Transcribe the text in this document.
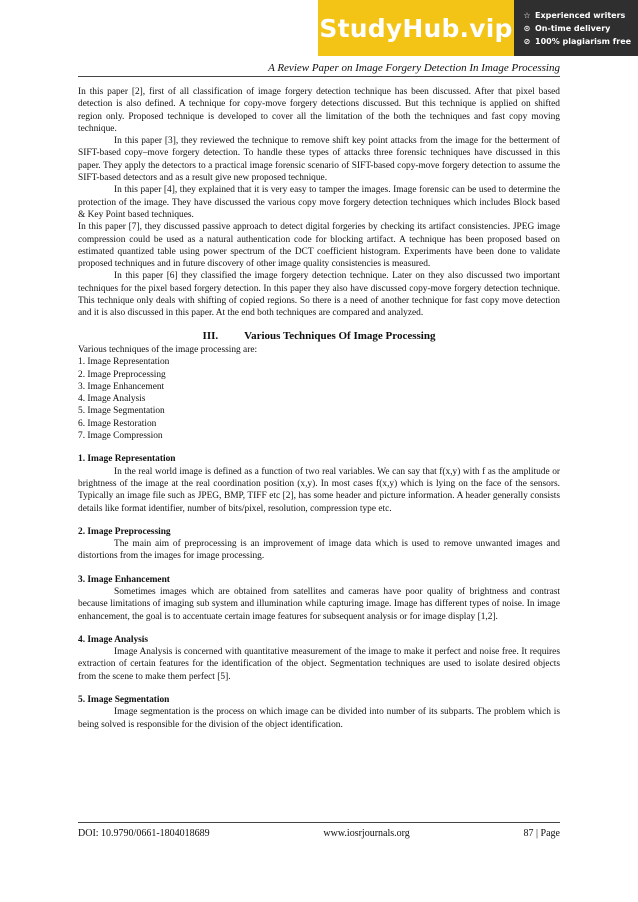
StudyHub.vip ☆ Experienced writers
⊙ On-time delivery
⊘ 100% plagiarism free
A Review Paper on Image Forgery Detection In Image Processing

In this paper [2], first of all classification of image forgery detection technique has been discussed. After that pixel based detection is also defined. A technique for copy-move forgery detections discussed. But this technique is applied on shifted region only. Proposed technique is developed to cover all the limitation of the both the techniques and fast copy moving technique.

In this paper [3], they reviewed the technique to remove shift key point attacks from the image for the betterment of SIFT-based copy–move forgery detection. To handle these types of attacks three forensic techniques have discussed in this paper. They apply the detectors to a practical image forensic scenario of SIFT-based copy-move forgery detection to assume the SIFT-based detectors and as a result give new proposed technique.

In this paper [4], they explained that it is very easy to tamper the images. Image forensic can be used to determine the protection of the image. They have discussed the various copy move forgery detection techniques which includes Block based & Key Point based techniques.

In this paper [7], they discussed passive approach to detect digital forgeries by checking its artifact consistencies. JPEG image compression could be used as a natural authentication code for blocking artifact. A technique has been proposed based on estimated quantized table using power spectrum of the DCT coefficient histogram. Experiments have been done to validate proposed techniques and in future discovery of other image quality consistencies is measured.

In this paper [6] they classified the image forgery detection technique. Later on they also discussed two important techniques for the pixel based forgery detection. In this paper they also have discussed copy-move forgery detection technique. This technique only deals with shifting of copied regions. So there is a need of another technique for fast copy move detection and it is also discussed in this paper. At the end both techniques are compared and analyzed.

III. Various Techniques Of Image Processing

Various techniques of the image processing are:

1. Image Representation
2. Image Preprocessing
3. Image Enhancement
4. Image Analysis
5. Image Segmentation
6. Image Restoration
7. Image Compression
1. Image Representation

In the real world image is defined as a function of two real variables. We can say that f(x,y) with f as the amplitude or brightness of the image at the real coordination position (x,y). In most cases f(x,y) which is lying on the face of the sensors. Typically an image file such as JPEG, BMP, TIFF etc [2], has some header and picture information. A header generally consists details like format identifier, number of bits/pixel, resolution, compression type etc.

2. Image Preprocessing

The main aim of preprocessing is an improvement of image data which is used to remove unwanted images and distortions from the images for image processing.

3. Image Enhancement

Sometimes images which are obtained from satellites and cameras have poor quality of brightness and contrast because limitations of imaging sub system and illumination while capturing image. Image has different types of noise. In image enhancement, the goal is to accentuate certain image features for subsequent analysis or for image display [1,2].

4. Image Analysis

Image Analysis is concerned with quantitative measurement of the image to make it perfect and noise free. It requires extraction of certain features for the identification of the object. Segmentation techniques are used to isolate desired objects from the scene to make them perfect [5].

5. Image Segmentation

Image segmentation is the process on which image can be divided into number of its subparts. The problem which is being solved is responsible for the division of the object identification.

DOI: 10.9790/0661-1804018689	www.iosrjournals.org	87 | Page
